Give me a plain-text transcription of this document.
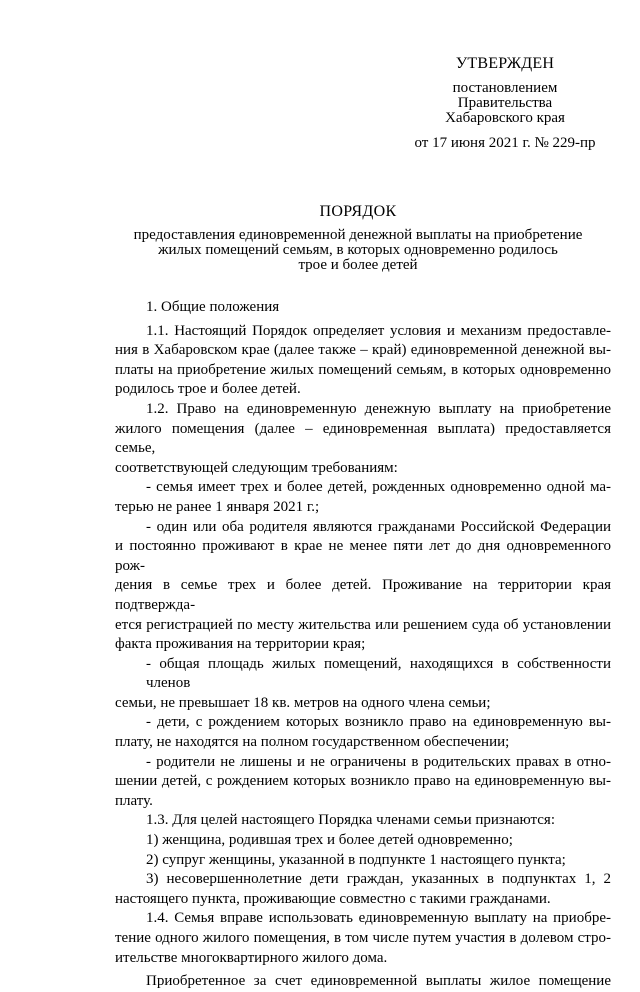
УТВЕРЖДЕН
постановлением
Правительства
Хабаровского края
от 17 июня 2021 г. № 229-пр
ПОРЯДОК
предоставления единовременной денежной выплаты на приобретение
жилых помещений семьям, в которых одновременно родилось
трое и более детей
1. Общие положения
1.1. Настоящий Порядок определяет условия и механизм предоставле-
ния в Хабаровском крае (далее также – край) единовременной денежной вы-
платы на приобретение жилых помещений семьям, в которых одновременно
родилось трое и более детей.
1.2. Право на единовременную денежную выплату на приобретение
жилого помещения (далее – единовременная выплата) предоставляется семье,
соответствующей следующим требованиям:
- семья имеет трех и более детей, рожденных одновременно одной ма-
терью не ранее 1 января 2021 г.;
- один или оба родителя являются гражданами Российской Федерации
и постоянно проживают в крае не менее пяти лет до дня одновременного рож-
дения в семье трех и более детей. Проживание на территории края подтвержда-
ется регистрацией по месту жительства или решением суда об установлении
факта проживания на территории края;
- общая площадь жилых помещений, находящихся в собственности членов
семьи, не превышает 18 кв. метров на одного члена семьи;
- дети, с рождением которых возникло право на единовременную вы-
плату, не находятся на полном государственном обеспечении;
- родители не лишены и не ограничены в родительских правах в отно-
шении детей, с рождением которых возникло право на единовременную вы-
плату.
1.3. Для целей настоящего Порядка членами семьи признаются:
1) женщина, родившая трех и более детей одновременно;
2) супруг женщины, указанной в подпункте 1 настоящего пункта;
3) несовершеннолетние дети граждан, указанных в подпунктах 1, 2
настоящего пункта, проживающие совместно с такими гражданами.
1.4. Семья вправе использовать единовременную выплату на приобре-
тение одного жилого помещения, в том числе путем участия в долевом стро-
ительстве многоквартирного жилого дома.
Приобретенное за счет единовременной выплаты жилое помещение
